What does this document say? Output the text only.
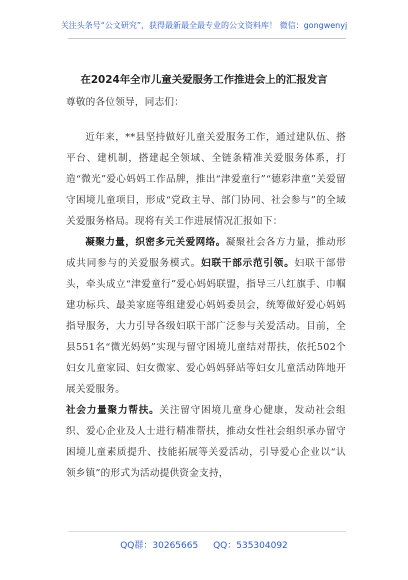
关注头条号“公文研究”，获得最新最全最专业的公文资料库！ 微信：gongwenyj
在2024年全市儿童关爱服务工作推进会上的汇报发言

尊敬的各位领导，同志们：

近年来，**县坚持做好儿童关爱服务工作，通过建队伍、搭平台、建机制，搭建起全领域、全链条精准关爱服务体系，打造“微光”爱心妈妈工作品牌，推出“津爱童行”“德彩津童”关爱留守困境儿童项目，形成“党政主导、部门协同、社会参与”的全域关爱服务格局。现将有关工作进展情况汇报如下：

凝聚力量，织密多元关爱网络。凝聚社会各方力量，推动形成共同参与的关爱服务模式。妇联干部示范引领。妇联干部带头，牵头成立“津爱童行”爱心妈妈联盟，指导三八红旗手、巾帼建功标兵、最美家庭等组建爱心妈妈委员会，统筹做好爱心妈妈指导服务，大力引导各级妇联干部广泛参与关爱活动。目前，全县551名“微光妈妈”实现与留守困境儿童结对帮扶，依托502个妇女儿童家园、妇女微家、爱心妈妈驿站等妇女儿童活动阵地开展关爱服务。

社会力量聚力帮扶。关注留守困境儿童身心健康，发动社会组织、爱心企业及人士进行精准帮扶，推动女性社会组织承办留守困境儿童素质提升、技能拓展等关爱活动，引导爱心企业以“认领乡镇”的形式为活动提供资金支持，

QQ群：30265665 QQ：535304092
